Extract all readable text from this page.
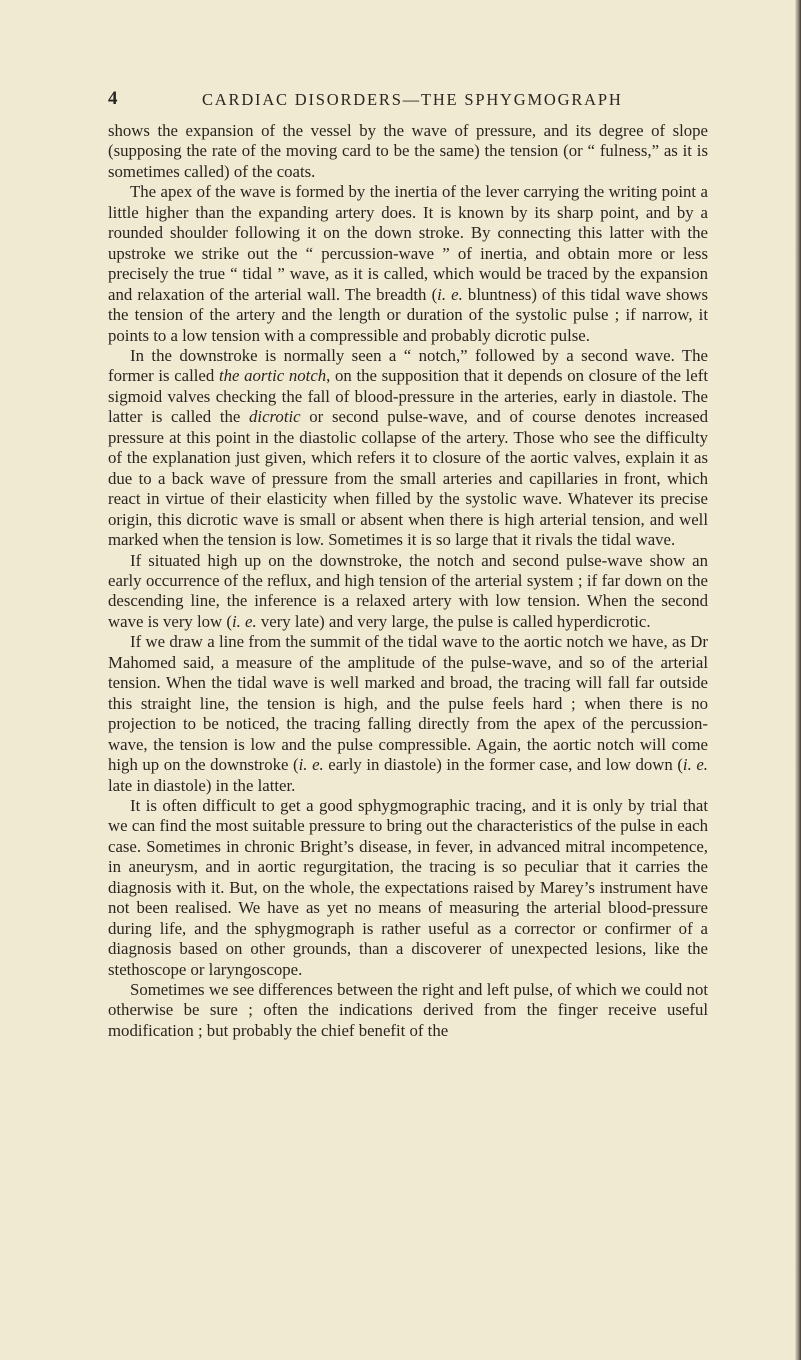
4	CARDIAC DISORDERS—THE SPHYGMOGRAPH

shows the expansion of the vessel by the wave of pressure, and its degree of slope (supposing the rate of the moving card to be the same) the tension (or “ fulness,” as it is sometimes called) of the coats.

The apex of the wave is formed by the inertia of the lever carrying the writing point a little higher than the expanding artery does. It is known by its sharp point, and by a rounded shoulder following it on the down stroke. By connecting this latter with the upstroke we strike out the “ percussion-wave ” of inertia, and obtain more or less precisely the true “ tidal ” wave, as it is called, which would be traced by the expansion and relaxation of the arterial wall. The breadth (i. e. bluntness) of this tidal wave shows the tension of the artery and the length or duration of the systolic pulse ; if narrow, it points to a low tension with a compressible and probably dicrotic pulse.

In the downstroke is normally seen a “ notch,” followed by a second wave. The former is called the aortic notch, on the supposition that it depends on closure of the left sigmoid valves checking the fall of blood-pressure in the arteries, early in diastole. The latter is called the dicrotic or second pulse-wave, and of course denotes increased pressure at this point in the diastolic collapse of the artery. Those who see the difficulty of the explanation just given, which refers it to closure of the aortic valves, explain it as due to a back wave of pressure from the small arteries and capillaries in front, which react in virtue of their elasticity when filled by the systolic wave. Whatever its precise origin, this dicrotic wave is small or absent when there is high arterial tension, and well marked when the tension is low. Sometimes it is so large that it rivals the tidal wave.

If situated high up on the downstroke, the notch and second pulse-wave show an early occurrence of the reflux, and high tension of the arterial system ; if far down on the descending line, the inference is a relaxed artery with low tension. When the second wave is very low (i. e. very late) and very large, the pulse is called hyperdicrotic.

If we draw a line from the summit of the tidal wave to the aortic notch we have, as Dr Mahomed said, a measure of the amplitude of the pulse-wave, and so of the arterial tension. When the tidal wave is well marked and broad, the tracing will fall far outside this straight line, the tension is high, and the pulse feels hard ; when there is no projection to be noticed, the tracing falling directly from the apex of the percussion-wave, the tension is low and the pulse compressible. Again, the aortic notch will come high up on the downstroke (i. e. early in diastole) in the former case, and low down (i. e. late in diastole) in the latter.

It is often difficult to get a good sphygmographic tracing, and it is only by trial that we can find the most suitable pressure to bring out the characteristics of the pulse in each case. Sometimes in chronic Bright’s disease, in fever, in advanced mitral incompetence, in aneurysm, and in aortic regurgitation, the tracing is so peculiar that it carries the diagnosis with it. But, on the whole, the expectations raised by Marey’s instrument have not been realised. We have as yet no means of measuring the arterial blood-pressure during life, and the sphygmograph is rather useful as a corrector or confirmer of a diagnosis based on other grounds, than a discoverer of unexpected lesions, like the stethoscope or laryngoscope.

Sometimes we see differences between the right and left pulse, of which we could not otherwise be sure ; often the indications derived from the finger receive useful modification ; but probably the chief benefit of the
